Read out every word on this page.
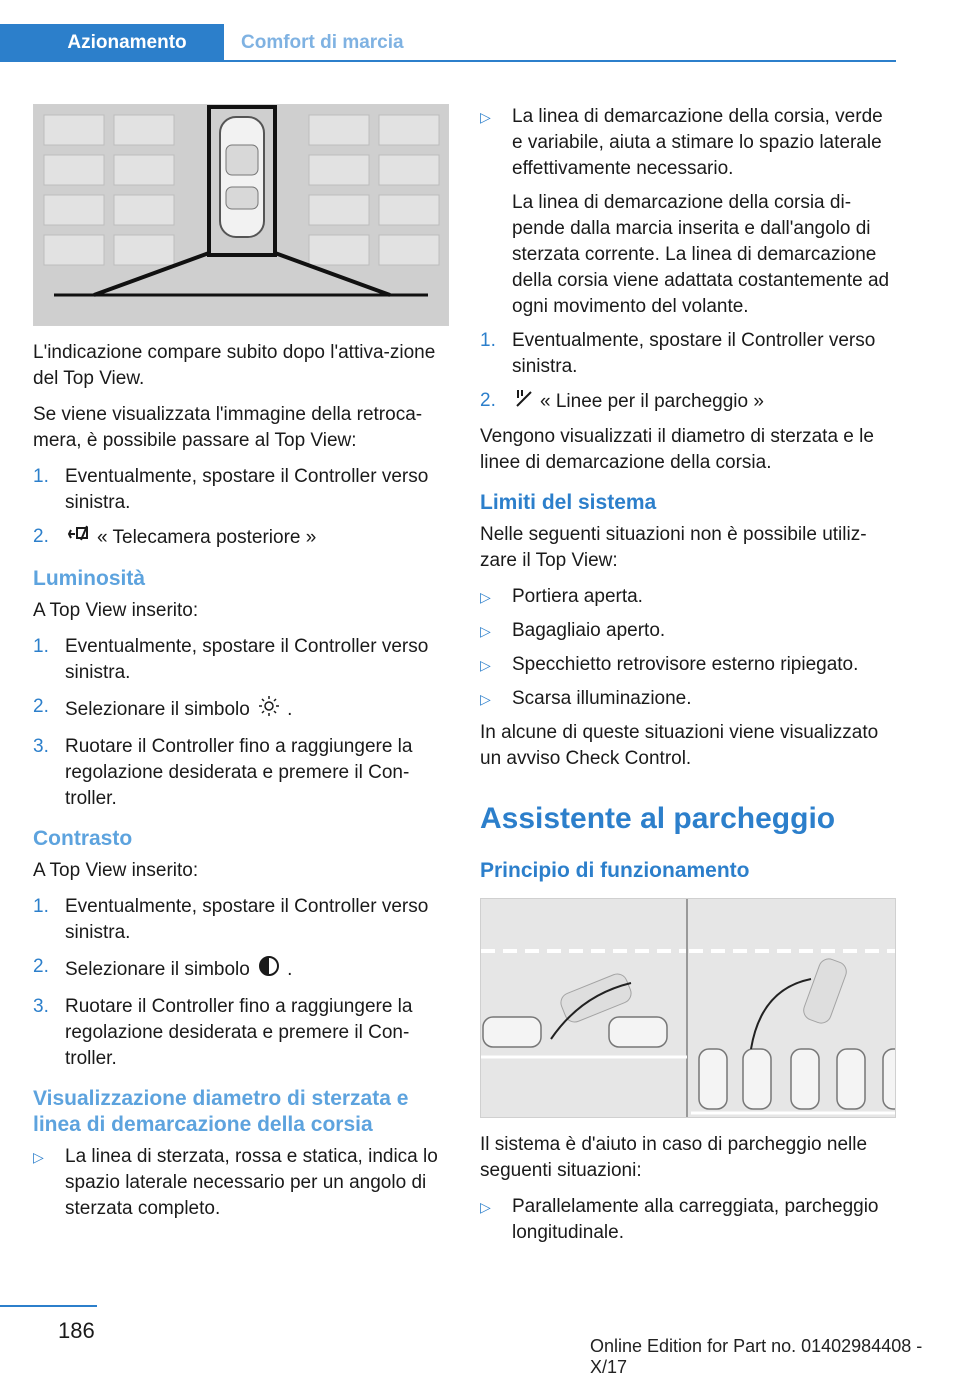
Azionamento	Comfort di marcia

L'indicazione compare subito dopo l'attiva‐zione del Top View.

Se viene visualizzata l'immagine della retroca‐mera, è possibile passare al Top View:

1. Eventualmente, spostare il Controller verso sinistra.
2.	« Telecamera posteriore »
Luminosità

A Top View inserito:

1. Eventualmente, spostare il Controller verso sinistra.
2. Selezionare il simbolo .
3. Ruotare il Controller fino a raggiungere la regolazione desiderata e premere il Con‐troller.
Contrasto

A Top View inserito:

1. Eventualmente, spostare il Controller verso sinistra.
2. Selezionare il simbolo .
3. Ruotare il Controller fino a raggiungere la regolazione desiderata e premere il Con‐troller.
Visualizzazione diametro di sterzata e linea di demarcazione della corsia
▷	La linea di sterzata, rossa e statica, indica lo spazio laterale necessario per un angolo di sterzata completo.
▷	La linea di demarcazione della corsia, verde e variabile, aiuta a stimare lo spazio laterale effettivamente necessario.
La linea di demarcazione della corsia di‐pende dalla marcia inserita e dall'angolo di sterzata corrente. La linea di demarcazione della corsia viene adattata costantemente ad ogni movimento del volante.
1. Eventualmente, spostare il Controller verso sinistra.
2.	« Linee per il parcheggio »

Vengono visualizzati il diametro di sterzata e le linee di demarcazione della corsia.

Limiti del sistema

Nelle seguenti situazioni non è possibile utiliz‐zare il Top View:

▷	Portiera aperta.
▷	Bagagliaio aperto.
▷	Specchietto retrovisore esterno ripiegato.
▷	Scarsa illuminazione.

In alcune di queste situazioni viene visualizzato un avviso Check Control.

Assistente al parcheggio
Principio di funzionamento

Il sistema è d'aiuto in caso di parcheggio nelle seguenti situazioni:

▷	Parallelamente alla carreggiata, parcheggio longitudinale.
186
Online Edition for Part no. 01402984408 - X/17
